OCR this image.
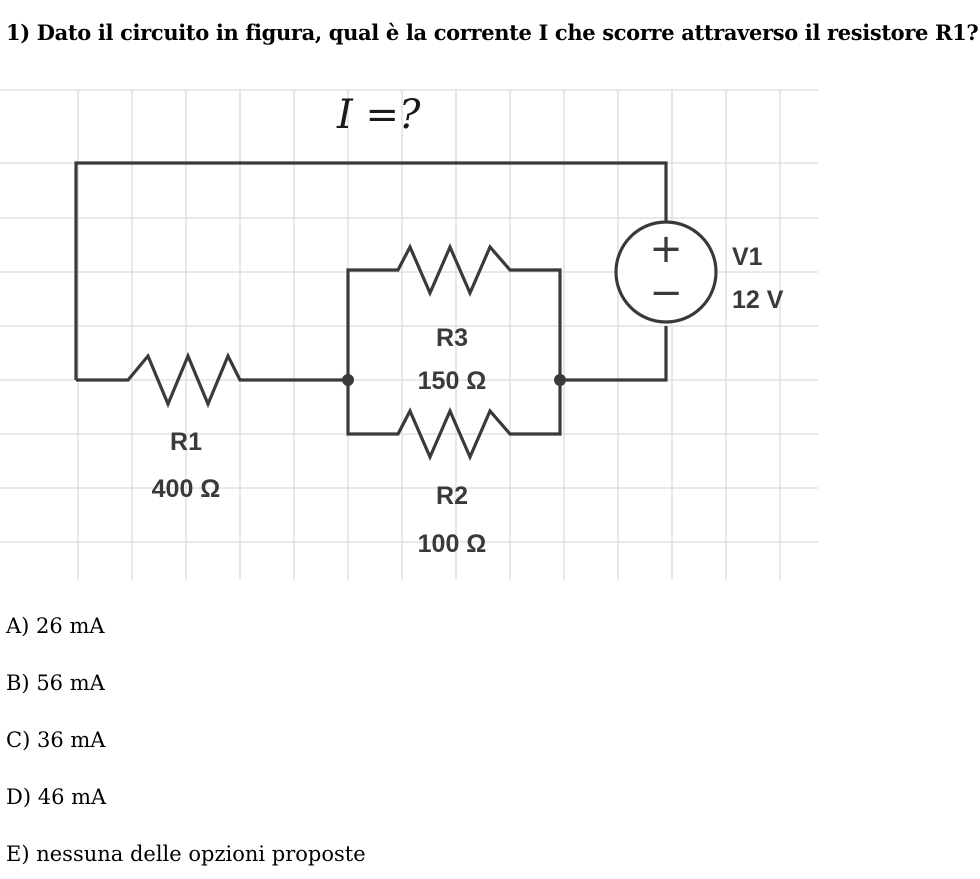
1) Dato il circuito in figura, qual è la corrente I che scorre attraverso il resistore R1?
+
−
I =?
V1
12 V
R3
150 Ω
R1
400 Ω	R2
100 Ω
A) 26 mA
B) 56 mA
C) 36 mA
D) 46 mA
E) nessuna delle opzioni proposte
